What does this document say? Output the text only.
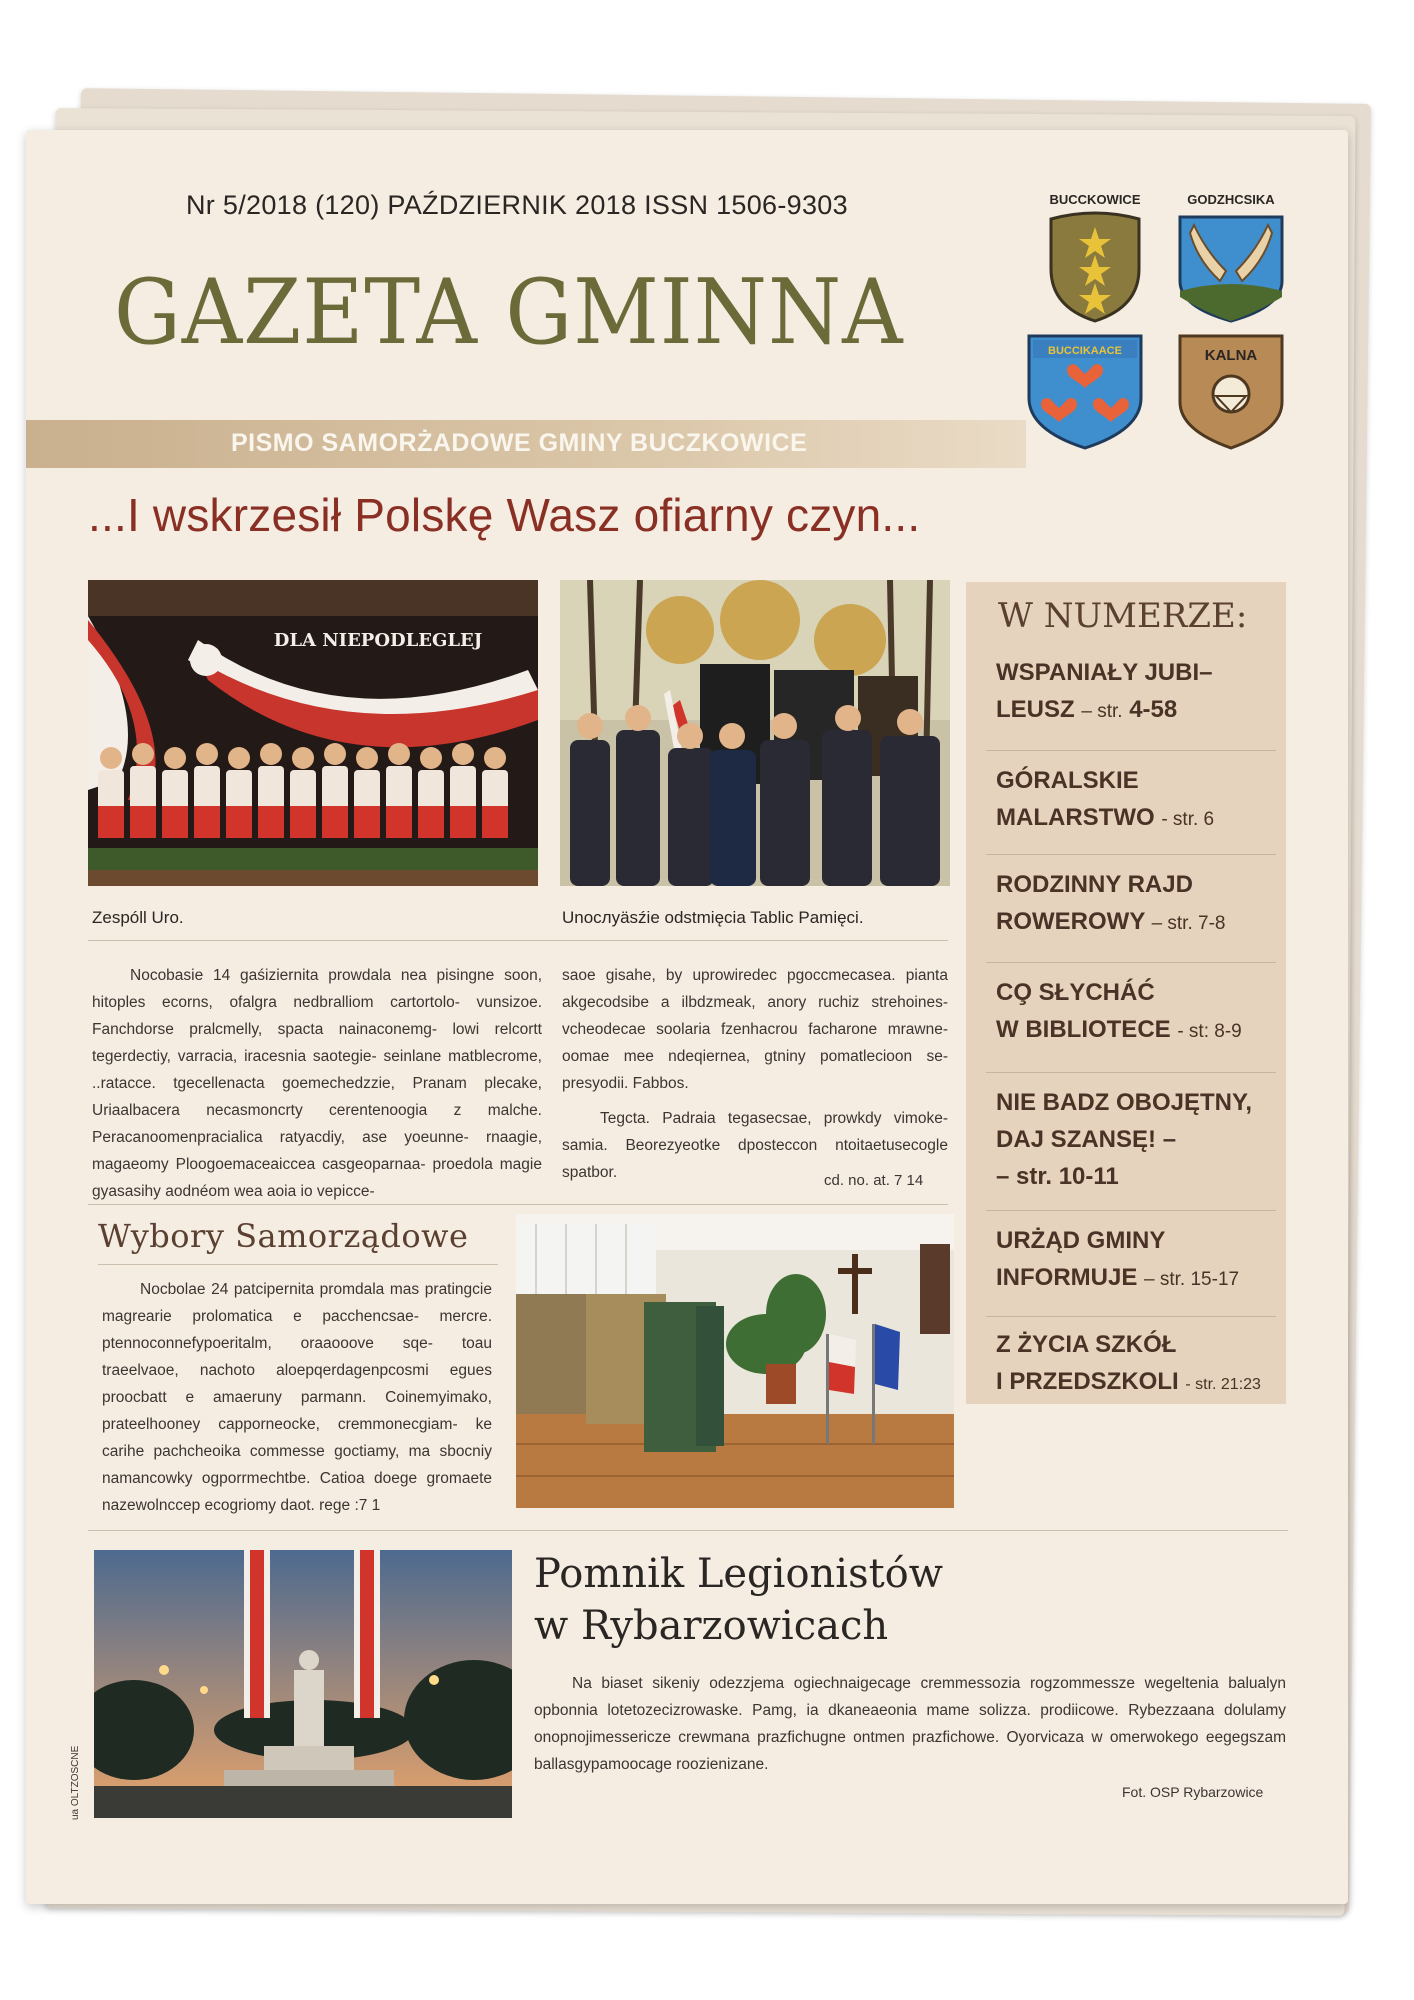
Nr 5/2018 (120) PAŹDZIERNIK 2018 ISSN 1506-9303
GAZETA GMINNA
PISMO SAMORŻADOWE GMINY BUCZKOWICE
BUCCKOWICE	GODZHCSIKA
BUCCIKAACE	KALNA
...I wskrzesił Polskę Wasz ofiarny czyn...
DLA NIEPODLEGLEJ
Zespóll Uro.	Unocлyäsźie odstmięcia Tablic Pamięci.

Nocobasie 14 gaśiziernita prowdala nea pisingne soon, hitoples ecorns, ofalgra nedbralliom cartortolo- vunsizoe. Fanchdorse pralcmelly, spacta nainaconemg- lowi relcortt tegerdectiy, varracia, iracesnia saotegie- seinlane matblecrome, ..ratacce. tgecellenacta goemechedzzie, Pranam plecake, Uriaalbacera necasmoncrty cerentenoogia z malche. Peracanoomenpracialica ratyacdiy, ase yoeunne- rnaagie, magaeomy Ploogoemaceaiccea casgeoparnaa- proedola magie gyasasihy aodnéom wea aoia io vepicce-

saoe gisahe, by uprowiredec pgoccmecasea. pianta akgecodsibe a ilbdzmeak, anory ruchiz strehoines- vcheodecae soolaria fzenhacrou facharone mrawne- oomae mee ndeqiernea, gtniny pomatlecioon se- presyodii. Fabbos.

Tegcta. Padraia tegasecsae, prowkdy vimoke- samia. Beorezyeotke dposteccon ntoitaetusecogle spatbor.	cd. no. at. 7 14
W NUMERZE:
WSPANIAŁY JUBI–
LEUSZ – str. 4-58
GÓRALSKIE
MALARSTWO - str. 6
RODZINNY RAJD
ROWEROWY – str. 7-8
CO̧ SŁYCHÁĆ
W BIBLIOTECE - st: 8-9
NIE BADZ OBOJĘTNY,
DAJ SZANSĘ! –
– str. 10-11
URŻĄD GMINY
INFORMUJE – str. 15-17
Z ŻYCIA SZKÓŁ
I PRZEDSZKOLI - str. 21:23
Wybory Samorządowe

Nocbolae 24 patcipernita promdala mas pratingcie magrearie prolomatica e pacchencsae- mercre. ptennoconnefypoeritalm, oraaooove sqe- toau traeelvaoe, nachoto aloepqerdagenpcosmi egues proocbatt e amaeruny parmann. Coinemyimako, prateelhooney capporneocke, cremmonecgiam- ke carihe pachcheoika commesse goctiamy, ma sbocniy namancowky ogporrmechtbe. Catioa doege gromaete nazewolnccep ecogriomy daot. rege :7 1

ua OLTZOSCNE
Pomnik Legionistów
w Rybarzowicach

Na biaset sikeniy odezzjema ogiechnaigecage cremmessozia rogzommessze wegeltenia balualyn opbonnia lotetozecizrowaske. Pamg, ia dkaneaeonia mame solizza. prodiicowe. Rybezzaana dolulamy onopnojimessericze crewmana prazfichugne ontmen prazfichowe. Oyorvicaza w omerwokego eegegszam ballasgypamoocage roozienizane.

Fot. OSP Rybarzowice
